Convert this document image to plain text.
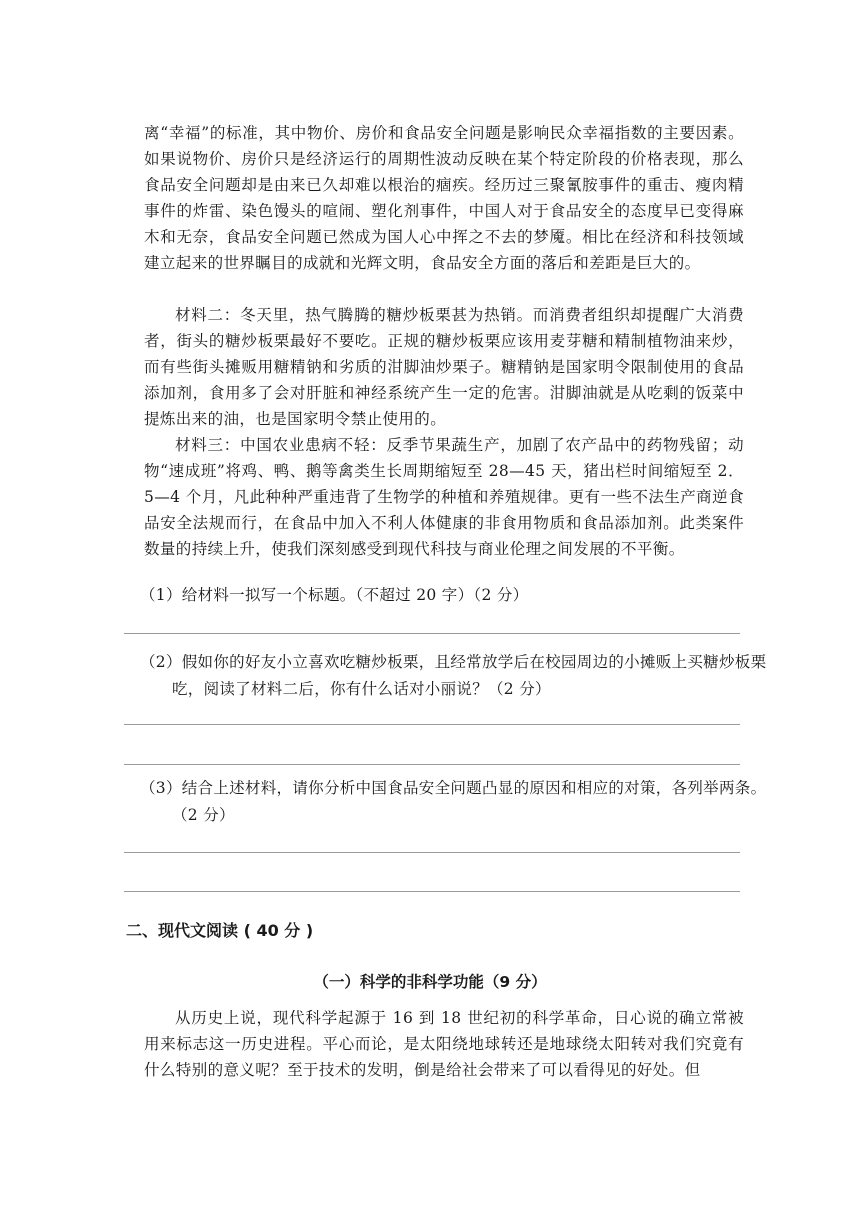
离“幸福”的标准，其中物价、房价和食品安全问题是影响民众幸福指数的主要因素。如果说物价、房价只是经济运行的周期性波动反映在某个特定阶段的价格表现，那么食品安全问题却是由来已久却难以根治的痼疾。经历过三聚氰胺事件的重击、瘦肉精事件的炸雷、染色馒头的喧闹、塑化剂事件，中国人对于食品安全的态度早已变得麻木和无奈，食品安全问题已然成为国人心中挥之不去的梦魇。相比在经济和科技领域建立起来的世界瞩目的成就和光辉文明，食品安全方面的落后和差距是巨大的。

材料二：冬天里，热气腾腾的糖炒板栗甚为热销。而消费者组织却提醒广大消费者，街头的糖炒板栗最好不要吃。正规的糖炒板栗应该用麦芽糖和精制植物油来炒，而有些街头摊贩用糖精钠和劣质的泔脚油炒栗子。糖精钠是国家明令限制使用的食品添加剂，食用多了会对肝脏和神经系统产生一定的危害。泔脚油就是从吃剩的饭菜中提炼出来的油，也是国家明令禁止使用的。

材料三：中国农业患病不轻：反季节果蔬生产，加剧了农产品中的药物残留；动物“速成班”将鸡、鸭、鹅等禽类生长周期缩短至 28—45 天，猪出栏时间缩短至 2．5—4 个月，凡此种种严重违背了生物学的种植和养殖规律。更有一些不法生产商逆食品安全法规而行，在食品中加入不利人体健康的非食用物质和食品添加剂。此类案件数量的持续上升，使我们深刻感受到现代科技与商业伦理之间发展的不平衡。

（1）给材料一拟写一个标题。（不超过 20 字）（2 分）

（2）假如你的好友小立喜欢吃糖炒板栗，且经常放学后在校园周边的小摊贩上买糖炒板栗吃，阅读了材料二后，你有什么话对小丽说？（2 分）

（3）结合上述材料，请你分析中国食品安全问题凸显的原因和相应的对策，各列举两条。（2 分）

二、现代文阅读 ( 40 分 )

（一）科学的非科学功能（9 分）

从历史上说，现代科学起源于 16 到 18 世纪初的科学革命，日心说的确立常被用来标志这一历史进程。平心而论，是太阳绕地球转还是地球绕太阳转对我们究竟有什么特别的意义呢？至于技术的发明，倒是给社会带来了可以看得见的好处。但
